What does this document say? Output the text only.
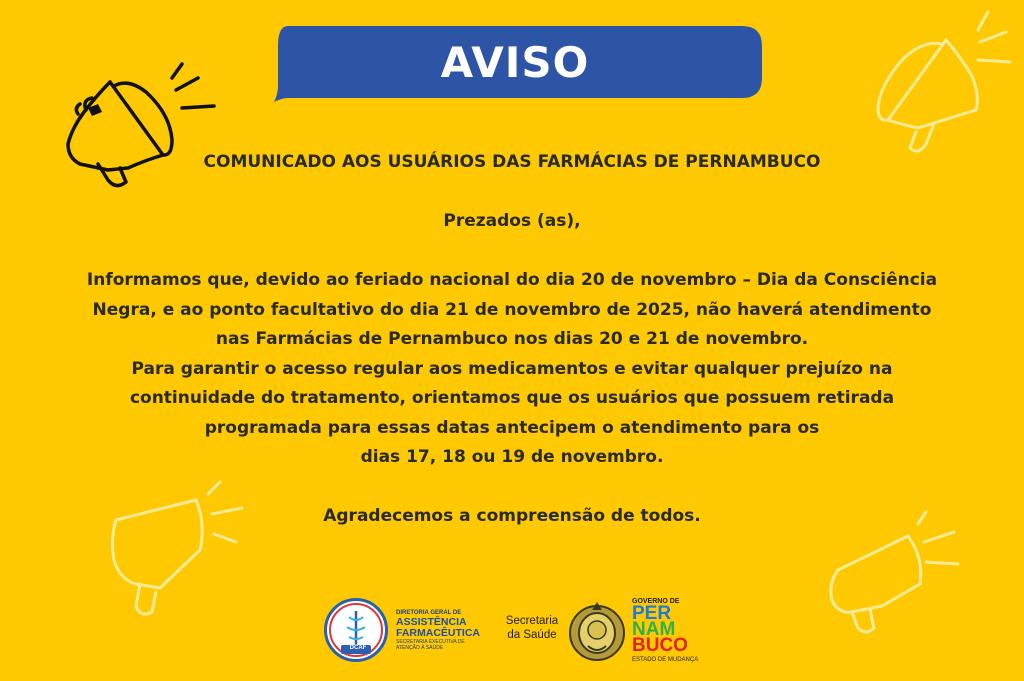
AVISO

COMUNICADO AOS USUÁRIOS DAS FARMÁCIAS DE PERNAMBUCO

Prezados (as),

Informamos que, devido ao feriado nacional do dia 20 de novembro – Dia da Consciência

Negra, e ao ponto facultativo do dia 21 de novembro de 2025, não haverá atendimento

nas Farmácias de Pernambuco nos dias 20 e 21 de novembro.

Para garantir o acesso regular aos medicamentos e evitar qualquer prejuízo na

continuidade do tratamento, orientamos que os usuários que possuem retirada

programada para essas datas antecipem o atendimento para os

dias 17, 18 ou 19 de novembro.

Agradecemos a compreensão de todos.

DCAF
DIRETORIA GERAL DE
ASSISTÊNCIA
FARMACÊUTICA
SECRETARIA EXECUTIVA DE
ATENÇÃO À SAÚDE
Secretaria
da Saúde
GOVERNO DE
PER
NAM
BUCO
ESTADO DE MUDANÇA
